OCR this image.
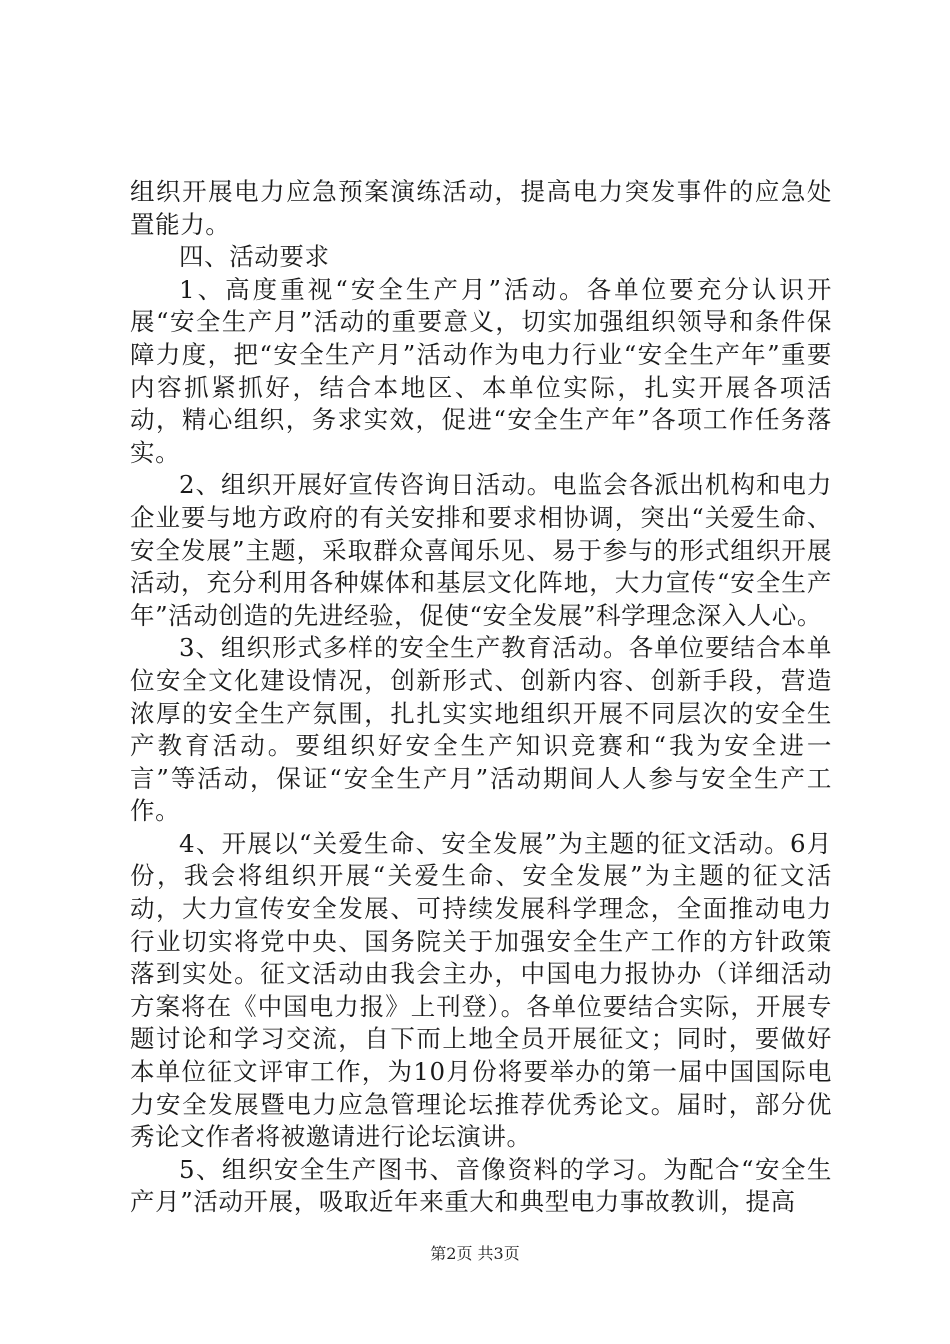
组织开展电力应急预案演练活动，提高电力突发事件的应急处置能力。

四、活动要求

1、高度重视“安全生产月”活动。各单位要充分认识开展“安全生产月”活动的重要意义，切实加强组织领导和条件保障力度，把“安全生产月”活动作为电力行业“安全生产年”重要内容抓紧抓好，结合本地区、本单位实际，扎实开展各项活动，精心组织，务求实效，促进“安全生产年”各项工作任务落实。

2、组织开展好宣传咨询日活动。电监会各派出机构和电力企业要与地方政府的有关安排和要求相协调，突出“关爱生命、安全发展”主题，采取群众喜闻乐见、易于参与的形式组织开展活动，充分利用各种媒体和基层文化阵地，大力宣传“安全生产年”活动创造的先进经验，促使“安全发展”科学理念深入人心。

3、组织形式多样的安全生产教育活动。各单位要结合本单位安全文化建设情况，创新形式、创新内容、创新手段，营造浓厚的安全生产氛围，扎扎实实地组织开展不同层次的安全生产教育活动。要组织好安全生产知识竞赛和“我为安全进一言”等活动，保证“安全生产月”活动期间人人参与安全生产工作。

4、开展以“关爱生命、安全发展”为主题的征文活动。6月份，我会将组织开展“关爱生命、安全发展”为主题的征文活动，大力宣传安全发展、可持续发展科学理念，全面推动电力行业切实将党中央、国务院关于加强安全生产工作的方针政策落到实处。征文活动由我会主办，中国电力报协办（详细活动方案将在《中国电力报》上刊登）。各单位要结合实际，开展专题讨论和学习交流，自下而上地全员开展征文；同时，要做好本单位征文评审工作，为10月份将要举办的第一届中国国际电力安全发展暨电力应急管理论坛推荐优秀论文。届时，部分优秀论文作者将被邀请进行论坛演讲。

5、组织安全生产图书、音像资料的学习。为配合“安全生产月”活动开展，吸取近年来重大和典型电力事故教训，提高

第2页 共3页
